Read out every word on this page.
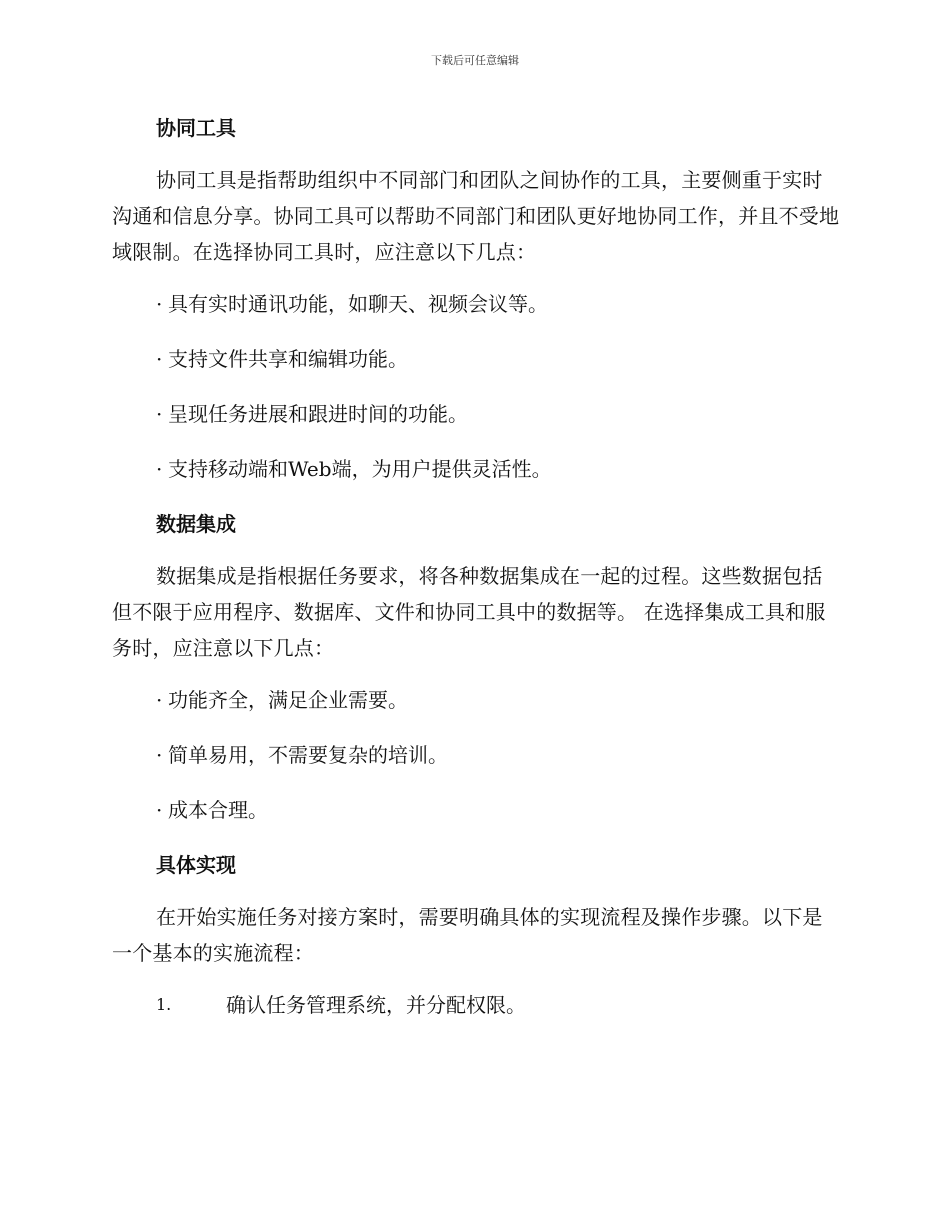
下载后可任意编辑
协同工具
协同工具是指帮助组织中不同部门和团队之间协作的工具，主要侧重于实时沟通和信息分享。协同工具可以帮助不同部门和团队更好地协同工作，并且不受地域限制。在选择协同工具时，应注意以下几点：
· 具有实时通讯功能，如聊天、视频会议等。
· 支持文件共享和编辑功能。
· 呈现任务进展和跟进时间的功能。
· 支持移动端和Web端，为用户提供灵活性。
数据集成
数据集成是指根据任务要求，将各种数据集成在一起的过程。这些数据包括但不限于应用程序、数据库、文件和协同工具中的数据等。 在选择集成工具和服务时，应注意以下几点：
· 功能齐全，满足企业需要。
· 简单易用，不需要复杂的培训。
· 成本合理。
具体实现
在开始实施任务对接方案时，需要明确具体的实现流程及操作步骤。以下是一个基本的实施流程：
1.	确认任务管理系统，并分配权限。
